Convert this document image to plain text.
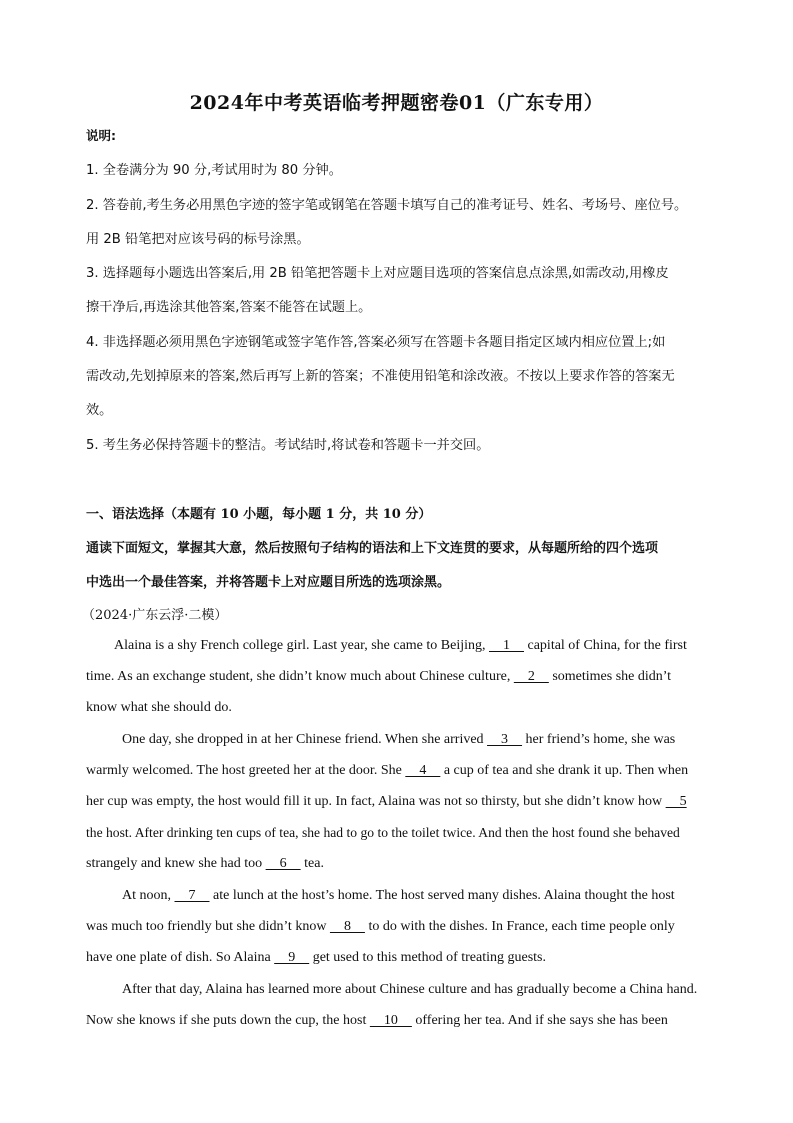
2024年中考英语临考押题密卷01（广东专用）
说明:
1. 全卷满分为 90 分,考试用时为 80 分钟。
2. 答卷前,考生务必用黑色字迹的签字笔或钢笔在答题卡填写自己的准考证号、姓名、考场号、座位号。
用 2B 铅笔把对应该号码的标号涂黑。
3. 选择题每小题选出答案后,用 2B 铅笔把答题卡上对应题目选项的答案信息点涂黑,如需改动,用橡皮
擦干净后,再选涂其他答案,答案不能答在试题上。
4. 非选择题必须用黑色字迹钢笔或签字笔作答,答案必须写在答题卡各题目指定区域内相应位置上;如
需改动,先划掉原来的答案,然后再写上新的答案；不准使用铅笔和涂改液。不按以上要求作答的答案无
效。
5. 考生务必保持答题卡的整洁。考试结时,将试卷和答题卡一并交回。
一、语法选择（本题有 10 小题，每小题 1 分，共 10 分）
通读下面短文，掌握其大意，然后按照句子结构的语法和上下文连贯的要求，从每题所给的四个选项
中选出一个最佳答案，并将答题卡上对应题目所选的选项涂黑。
（2024·广东云浮·二模）
Alaina is a shy French college girl. Last year, she came to Beijing,     1     capital of China, for the first
time. As an exchange student, she didn’t know much about Chinese culture,     2     sometimes she didn’t
know what she should do.
One day, she dropped in at her Chinese friend. When she arrived     3     her friend’s home, she was
warmly welcomed. The host greeted her at the door. She     4     a cup of tea and she drank it up. Then when
her cup was empty, the host would fill it up. In fact, Alaina was not so thirsty, but she didn’t know how     5
the host. After drinking ten cups of tea, she had to go to the toilet twice. And then the host found she behaved
strangely and knew she had too     6     tea.
At noon,     7     ate lunch at the host’s home. The host served many dishes. Alaina thought the host
was much too friendly but she didn’t know     8     to do with the dishes. In France, each time people only
have one plate of dish. So Alaina     9     get used to this method of treating guests.
After that day, Alaina has learned more about Chinese culture and has gradually become a China hand.
Now she knows if she puts down the cup, the host     10     offering her tea. And if she says she has been
